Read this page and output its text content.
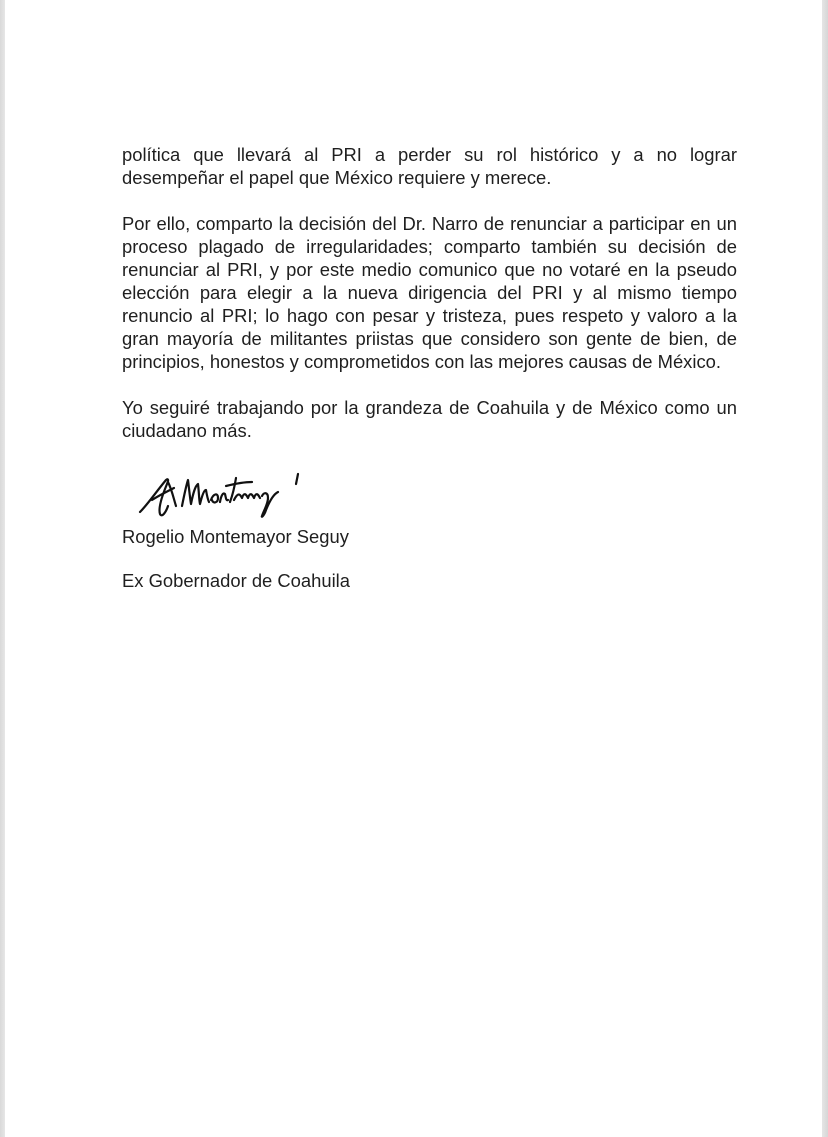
política que llevará al PRI a perder su rol histórico y a no lograr desempeñar el papel que México requiere y merece.

Por ello, comparto la decisión del Dr. Narro de renunciar a participar en un proceso plagado de irregularidades; comparto también su decisión de renunciar al PRI, y por este medio comunico que no votaré en la pseudo elección para elegir a la nueva dirigencia del PRI y al mismo tiempo renuncio al PRI; lo hago con pesar y tristeza, pues respeto y valoro a la gran mayoría de militantes priistas que considero son gente de bien, de principios, honestos y comprometidos con las mejores causas de México.

Yo seguiré trabajando por la grandeza de Coahuila y de México como un ciudadano más.

Rogelio Montemayor Seguy
Ex Gobernador de Coahuila
